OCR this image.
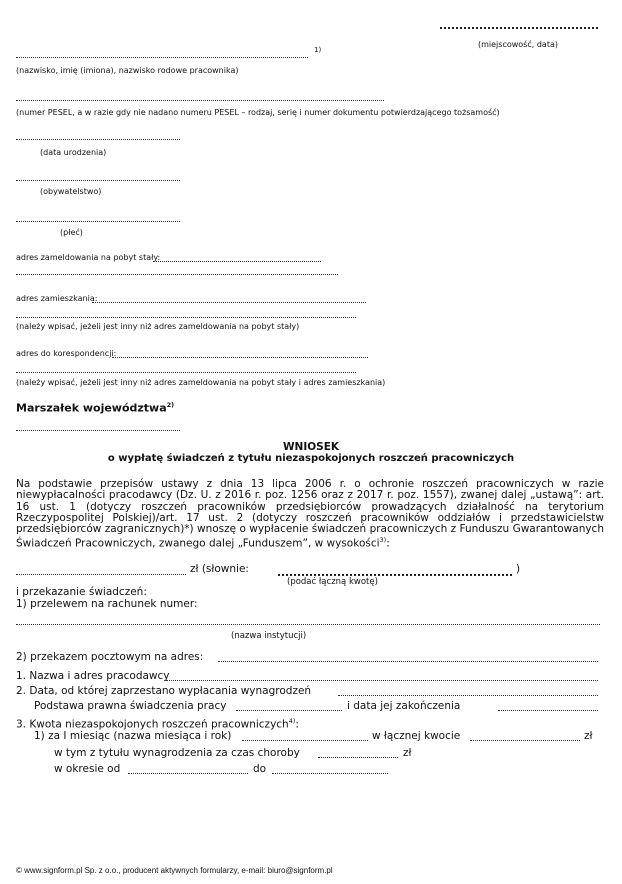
(miejscowość, data)
1)
(nazwisko, imię (imiona), nazwisko rodowe pracownika)
(numer PESEL, a w razie gdy nie nadano numeru PESEL – rodzaj, serię i numer dokumentu potwierdzającego tożsamość)
(data urodzenia)
(obywatelstwo)
(płeć)
adres zameldowania na pobyt stały:
adres zamieszkania:
(należy wpisać, jeżeli jest inny niż adres zameldowania na pobyt stały)
adres do korespondencji:
(należy wpisać, jeżeli jest inny niż adres zameldowania na pobyt stały i adres zamieszkania)
Marszałek województwa$^{2)}$
WNIOSEK
o wypłatę świadczeń z tytułu niezaspokojonych roszczeń pracowniczych
Na podstawie przepisów ustawy z dnia 13 lipca 2006 r. o ochronie roszczeń pracowniczych w razie niewypłacalności pracodawcy (Dz. U. z 2016 r. poz. 1256 oraz z 2017 r. poz. 1557), zwanej dalej „ustawą”: art. 16 ust. 1 (dotyczy roszczeń pracowników przedsiębiorców prowadzących działalność na terytorium Rzeczypospolitej Polskiej)/art. 17 ust. 2 (dotyczy roszczeń pracowników oddziałów i przedstawicielstw przedsiębiorców zagranicznych)*) wnoszę o wypłacenie świadczeń pracowniczych z Funduszu Gwarantowanych Świadczeń Pracowniczych, zwanego dalej „Funduszem”, w wysokości$^{3)}$:
zł (słownie:	)
(podać łączną kwotę)
i przekazanie świadczeń:
1) przelewem na rachunek numer:
(nazwa instytucji)
2) przekazem pocztowym na adres:
1. Nazwa i adres pracodawcy
2. Data, od której zaprzestano wypłacania wynagrodzeń
Podstawa prawna świadczenia pracy	i data jej zakończenia
3. Kwota niezaspokojonych roszczeń pracowniczych$^{4)}$:
1) za I miesiąc (nazwa miesiąca i rok)	w łącznej kwocie	zł
w tym z tytułu wynagrodzenia za czas choroby	zł
w okresie od	do
© www.signform.pl Sp. z o.o., producent aktywnych formularzy, e-mail: biuro@signform.pl
